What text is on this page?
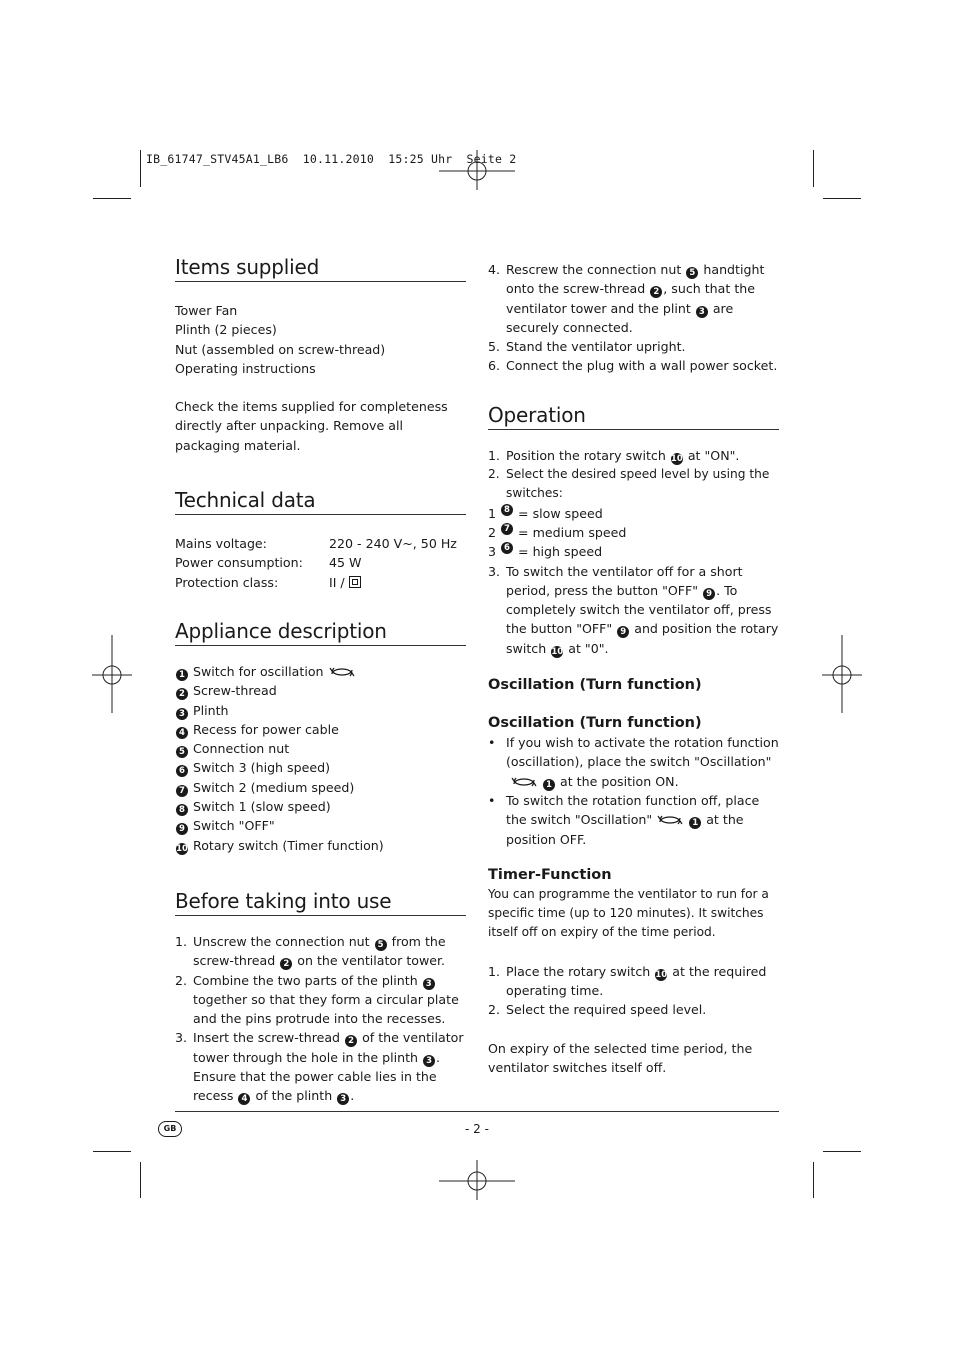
IB_61747_STV45A1_LB6  10.11.2010  15:25 Uhr  Seite 2
Items supplied

Tower Fan

Plinth (2 pieces)

Nut (assembled on screw-thread)

Operating instructions

Check the items supplied for completeness directly after unpacking. Remove all packaging material.

Technical data
Mains voltage:	220 - 240 V~, 50 Hz
Power consumption:	45 W
Protection class:	II /
Appliance description

1 Switch for oscillation

2 Screw-thread

3 Plinth

4 Recess for power cable

5 Connection nut

6 Switch 3 (high speed)

7 Switch 2 (medium speed)

8 Switch 1 (slow speed)

9 Switch "OFF"

10 Rotary switch (Timer function)

Before taking into use
1. Unscrew the connection nut 5 from the screw-thread 2 on the ventilator tower.
2. Combine the two parts of the plinth 3 together so that they form a circular plate and the pins protrude into the recesses.
3. Insert the screw-thread 2 of the ventilator tower through the hole in the plinth 3 . Ensure that the power cable lies in the recess 4 of the plinth 3 .
4. Rescrew the connection nut 5 handtight onto the screw-thread 2 , such that the ventilator tower and the plint 3 are securely connected.
5. Stand the ventilator upright.
6. Connect the plug with a wall power socket.
Operation
1. Position the rotary switch 10 at "ON".
2. Select the desired speed level by using the switches:
1 8
= slow speed
2 7
= medium speed
3 6
= high speed
3. To switch the ventilator off for a short period, press the button "OFF" 9 . To completely switch the ventilator off, press the button "OFF" 9 and position the rotary switch 10 at "0".
Oscillation (Turn function)
Oscillation (Turn function)
• If you wish to activate the rotation function (oscillation), place the switch "Oscillation"1 at the position ON.
• To switch the rotation function off, place the switch "Oscillation"	1 at the position OFF.
Timer-Function

You can programme the ventilator to run for a specific time (up to 120 minutes). It switches itself off on expiry of the time period.

1. Place the rotary switch 10 at the required operating time.
2. Select the required speed level.

On expiry of the selected time period, the ventilator switches itself off.

GB	- 2 -
